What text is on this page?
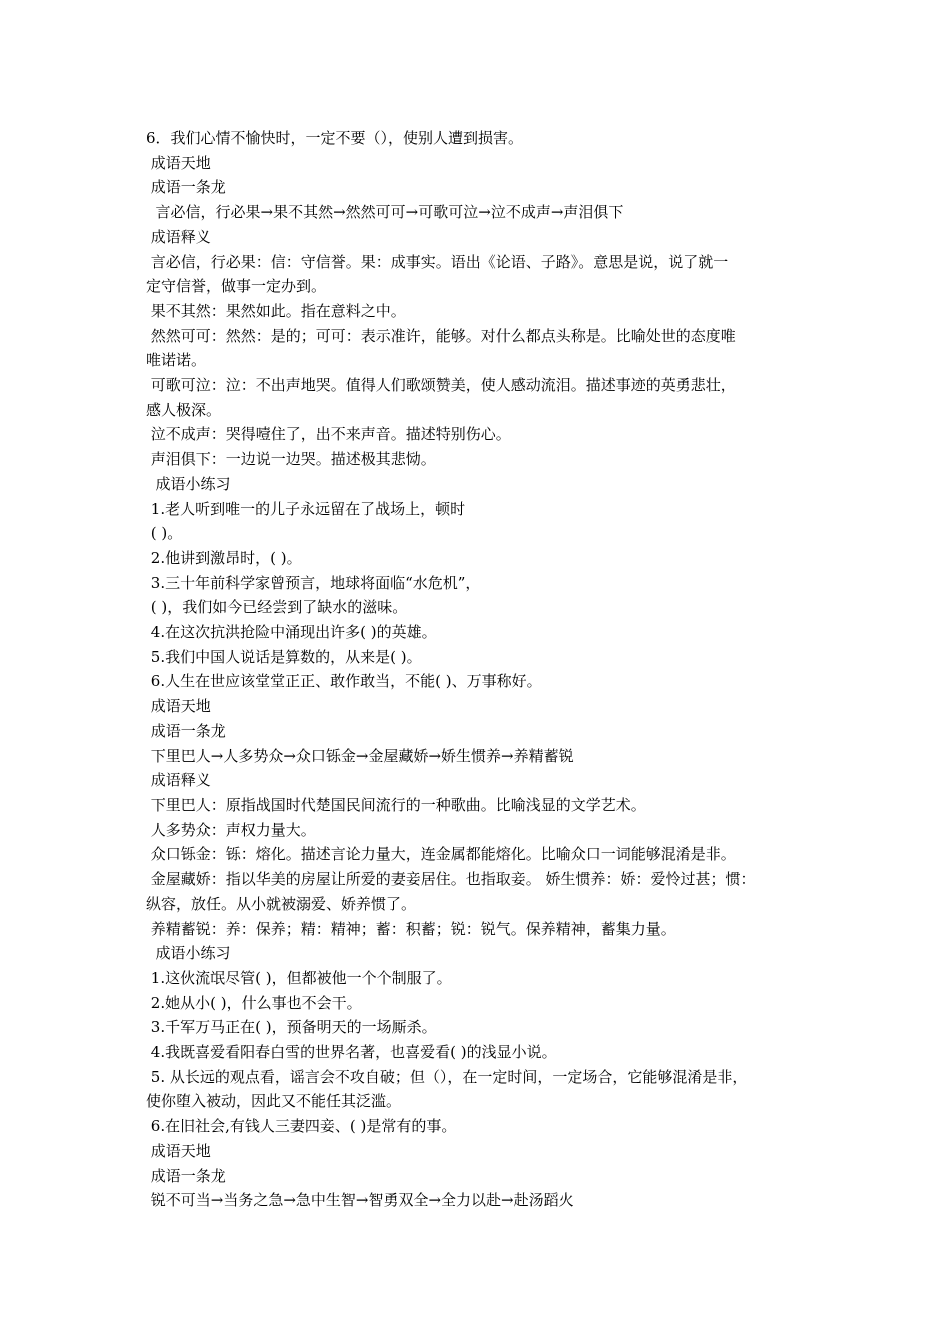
6．我们心情不愉快时，一定不要（），使别人遭到损害。
成语天地
成语一条龙
言必信，行必果→果不其然→然然可可→可歌可泣→泣不成声→声泪俱下
成语释义
言必信，行必果：信：守信誉。果：成事实。语出《论语、子路》。意思是说，说了就一
定守信誉，做事一定办到。
果不其然：果然如此。指在意料之中。
然然可可：然然：是的；可可：表示准许，能够。对什么都点头称是。比喻处世的态度唯
唯诺诺。
可歌可泣：泣：不出声地哭。值得人们歌颂赞美，使人感动流泪。描述事迹的英勇悲壮，
感人极深。
泣不成声：哭得噎住了，出不来声音。描述特别伤心。
声泪俱下：一边说一边哭。描述极其悲恸。
成语小练习
1.老人听到唯一的儿子永远留在了战场上，顿时
( )。
2.他讲到激昂时，( )。
3.三十年前科学家曾预言，地球将面临“水危机”，
( )，我们如今已经尝到了缺水的滋味。
4.在这次抗洪抢险中涌现出许多( )的英雄。
5.我们中国人说话是算数的，从来是( )。
6.人生在世应该堂堂正正、敢作敢当，不能( )、万事称好。
成语天地
成语一条龙
下里巴人→人多势众→众口铄金→金屋藏娇→娇生惯养→养精蓄锐
成语释义
下里巴人：原指战国时代楚国民间流行的一种歌曲。比喻浅显的文学艺术。
人多势众：声权力量大。
众口铄金：铄：熔化。描述言论力量大，连金属都能熔化。比喻众口一词能够混淆是非。
金屋藏娇：指以华美的房屋让所爱的妻妾居住。也指取妾。 娇生惯养：娇：爱怜过甚；惯：
纵容，放任。从小就被溺爱、娇养惯了。
养精蓄锐：养：保养；精：精神；蓄：积蓄；锐：锐气。保养精神，蓄集力量。
成语小练习
1.这伙流氓尽管( )，但都被他一个个制服了。
2.她从小( )，什么事也不会干。
3.千军万马正在( )，预备明天的一场厮杀。
4.我既喜爱看阳春白雪的世界名著，也喜爱看( )的浅显小说。
5. 从长远的观点看，谣言会不攻自破；但（），在一定时间，一定场合，它能够混淆是非，
使你堕入被动，因此又不能任其泛滥。
6.在旧社会,有钱人三妻四妾、( )是常有的事。
成语天地
成语一条龙
锐不可当→当务之急→急中生智→智勇双全→全力以赴→赴汤蹈火
